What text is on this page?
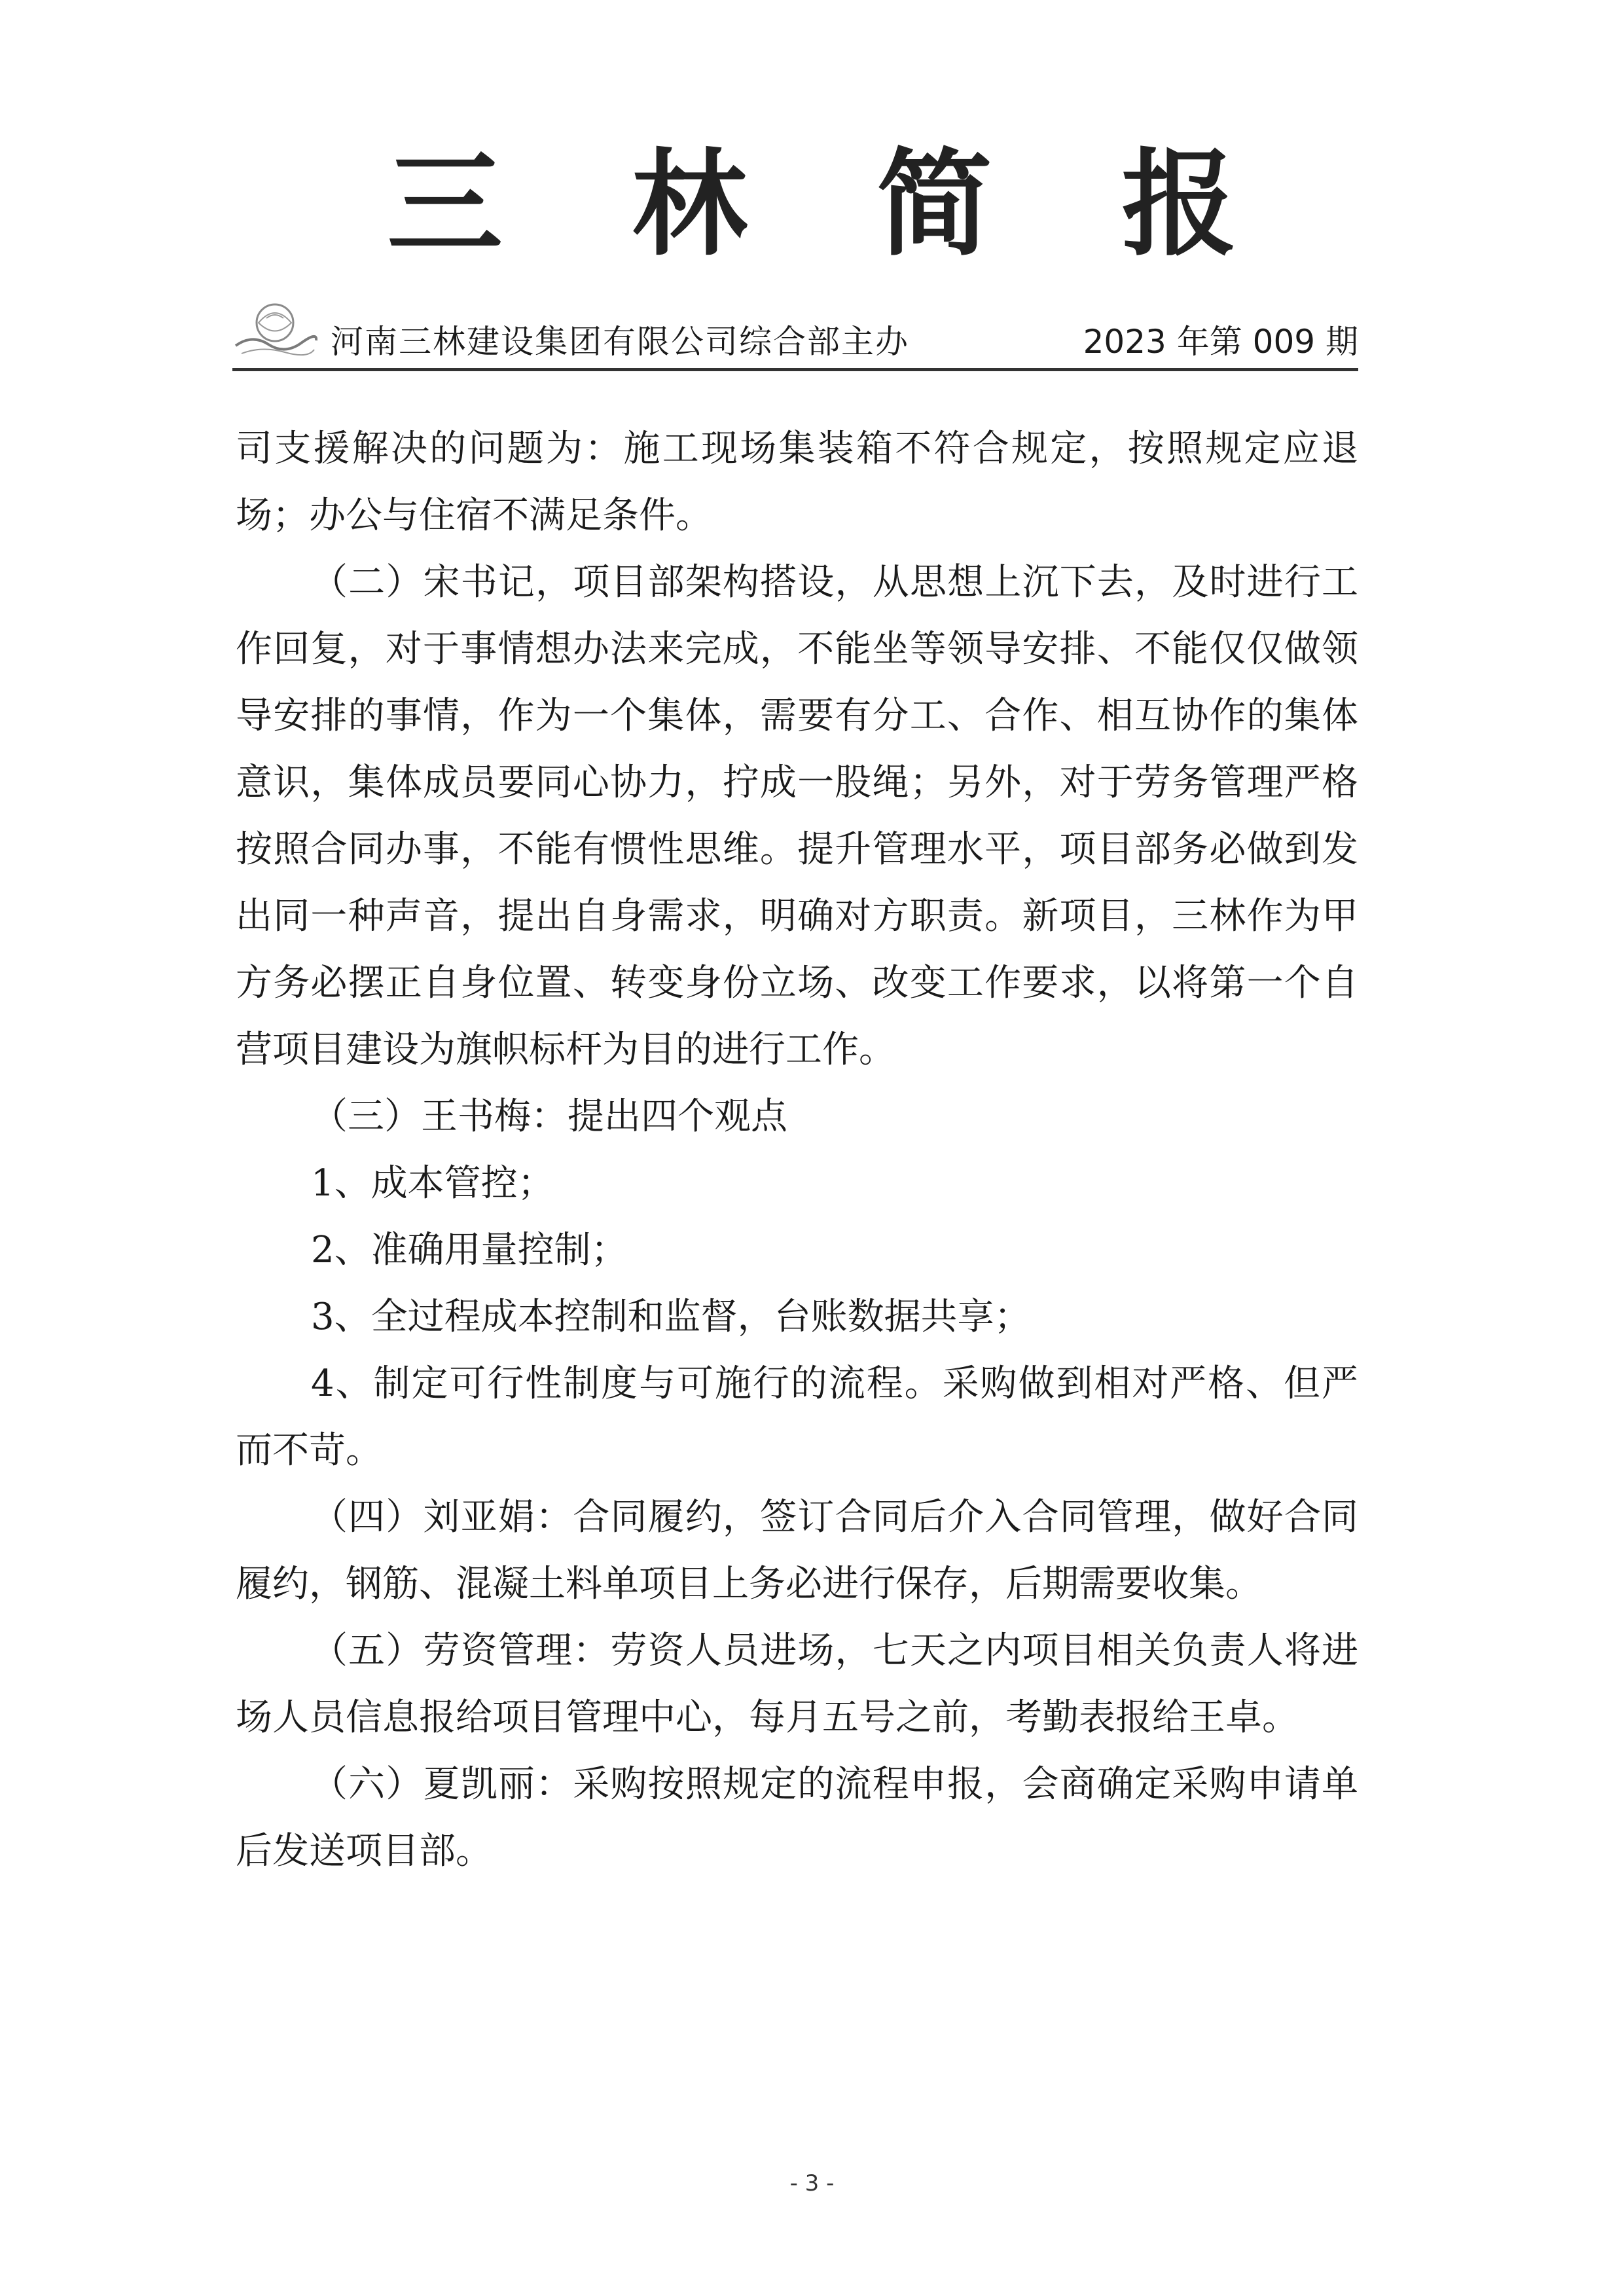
三林简报
河南三林建设集团有限公司综合部主办	2023 年第 009 期

司支援解决的问题为：施工现场集装箱不符合规定，按照规定应退场；办公与住宿不满足条件。

（二）宋书记，项目部架构搭设，从思想上沉下去，及时进行工作回复，对于事情想办法来完成，不能坐等领导安排、不能仅仅做领导安排的事情，作为一个集体，需要有分工、合作、相互协作的集体意识，集体成员要同心协力，拧成一股绳；另外，对于劳务管理严格按照合同办事，不能有惯性思维。提升管理水平，项目部务必做到发出同一种声音，提出自身需求，明确对方职责。新项目，三林作为甲方务必摆正自身位置、转变身份立场、改变工作要求，以将第一个自营项目建设为旗帜标杆为目的进行工作。

（三）王书梅：提出四个观点

1、成本管控；

2、准确用量控制；

3、全过程成本控制和监督，台账数据共享；

4、制定可行性制度与可施行的流程。采购做到相对严格、但严而不苛。

（四）刘亚娟：合同履约，签订合同后介入合同管理，做好合同履约，钢筋、混凝土料单项目上务必进行保存，后期需要收集。

（五）劳资管理：劳资人员进场，七天之内项目相关负责人将进场人员信息报给项目管理中心，每月五号之前，考勤表报给王卓。

（六）夏凯丽：采购按照规定的流程申报，会商确定采购申请单后发送项目部。

- 3 -
